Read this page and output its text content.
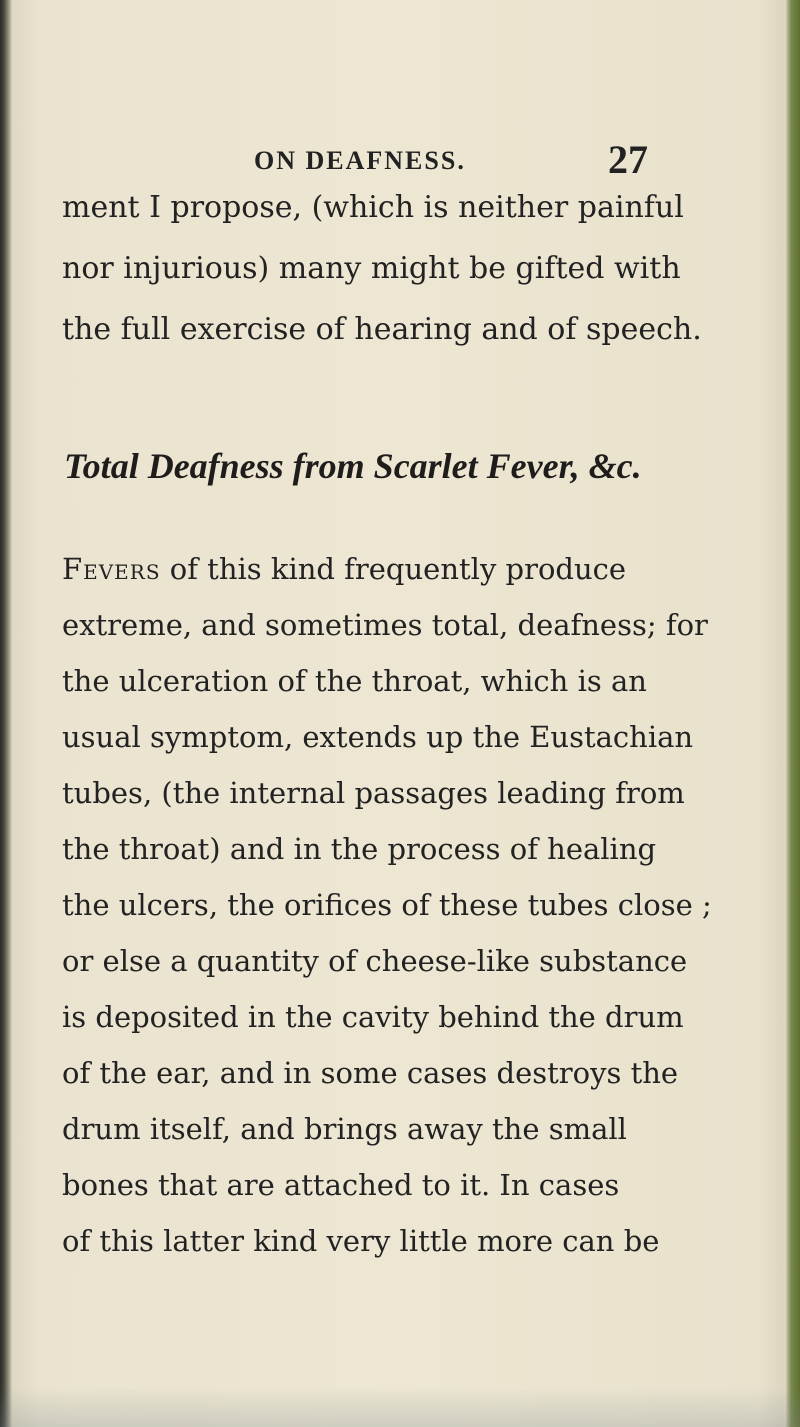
ON DEAFNESS.	27
ment I propose, (which is neither painful
nor injurious) many might be gifted with
the full exercise of hearing and of speech.
Total Deafness from Scarlet Fever, &c.
Fevers of this kind frequently produce
extreme, and sometimes total, deafness; for
the ulceration of the throat, which is an
usual symptom, extends up the Eustachian
tubes, (the internal passages leading from
the throat) and in the process of healing
the ulcers, the orifices of these tubes close ;
or else a quantity of cheese-like substance
is deposited in the cavity behind the drum
of the ear, and in some cases destroys the
drum itself, and brings away the small
bones that are attached to it. In cases
of this latter kind very little more can be
